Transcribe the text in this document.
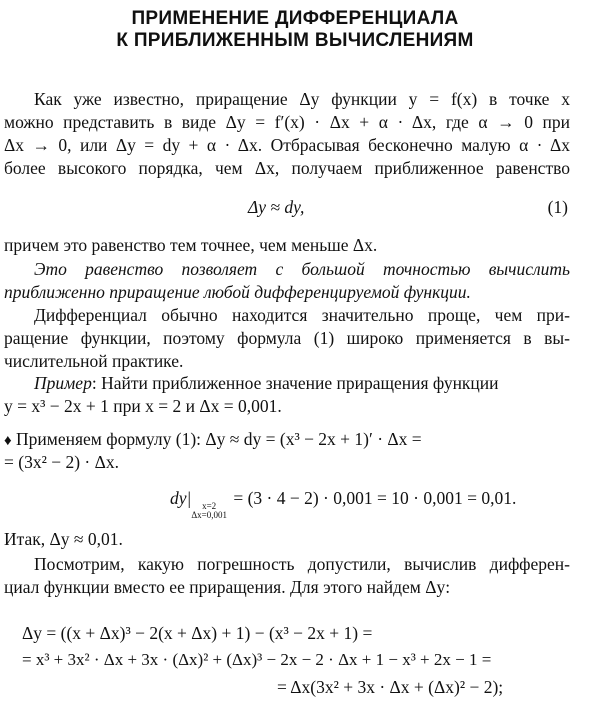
ПРИМЕНЕНИЕ ДИФФЕРЕНЦИАЛА
К ПРИБЛИЖЕННЫМ ВЫЧИСЛЕНИЯМ
Как уже известно, приращение Δy функции y = f(x) в точке x
можно представить в виде Δy = f′(x) · Δx + α · Δx, где α → 0 при
Δx → 0, или Δy = dy + α · Δx. Отбрасывая бесконечно малую α · Δx
более высокого порядка, чем Δx, получаем приближенное равенство
Δy ≈ dy,	(1)
причем это равенство тем точнее, чем меньше Δx.
Это равенство позволяет с большой точностью вычислить
приближенно приращение любой дифференцируемой функции.
Дифференциал обычно находится значительно проще, чем при-
ращение функции, поэтому формула (1) широко применяется в вы-
числительной практике.
Пример: Найти приближенное значение приращения функции
y = x³ − 2x + 1 при x = 2 и Δx = 0,001.
♦ Применяем формулу (1): Δy ≈ dy = (x³ − 2x + 1)′ · Δx =
= (3x² − 2) · Δx.
dy|	x=2
Δx=0,001
= (3 · 4 − 2) · 0,001 = 10 · 0,001 = 0,01.
Итак, Δy ≈ 0,01.
Посмотрим, какую погрешность допустили, вычислив дифферен-
циал функции вместо ее приращения. Для этого найдем Δy:
Δy = ((x + Δx)³ − 2(x + Δx) + 1) − (x³ − 2x + 1) =
= x³ + 3x² · Δx + 3x · (Δx)² + (Δx)³ − 2x − 2 · Δx + 1 − x³ + 2x − 1 =
= Δx(3x² + 3x · Δx + (Δx)² − 2);
